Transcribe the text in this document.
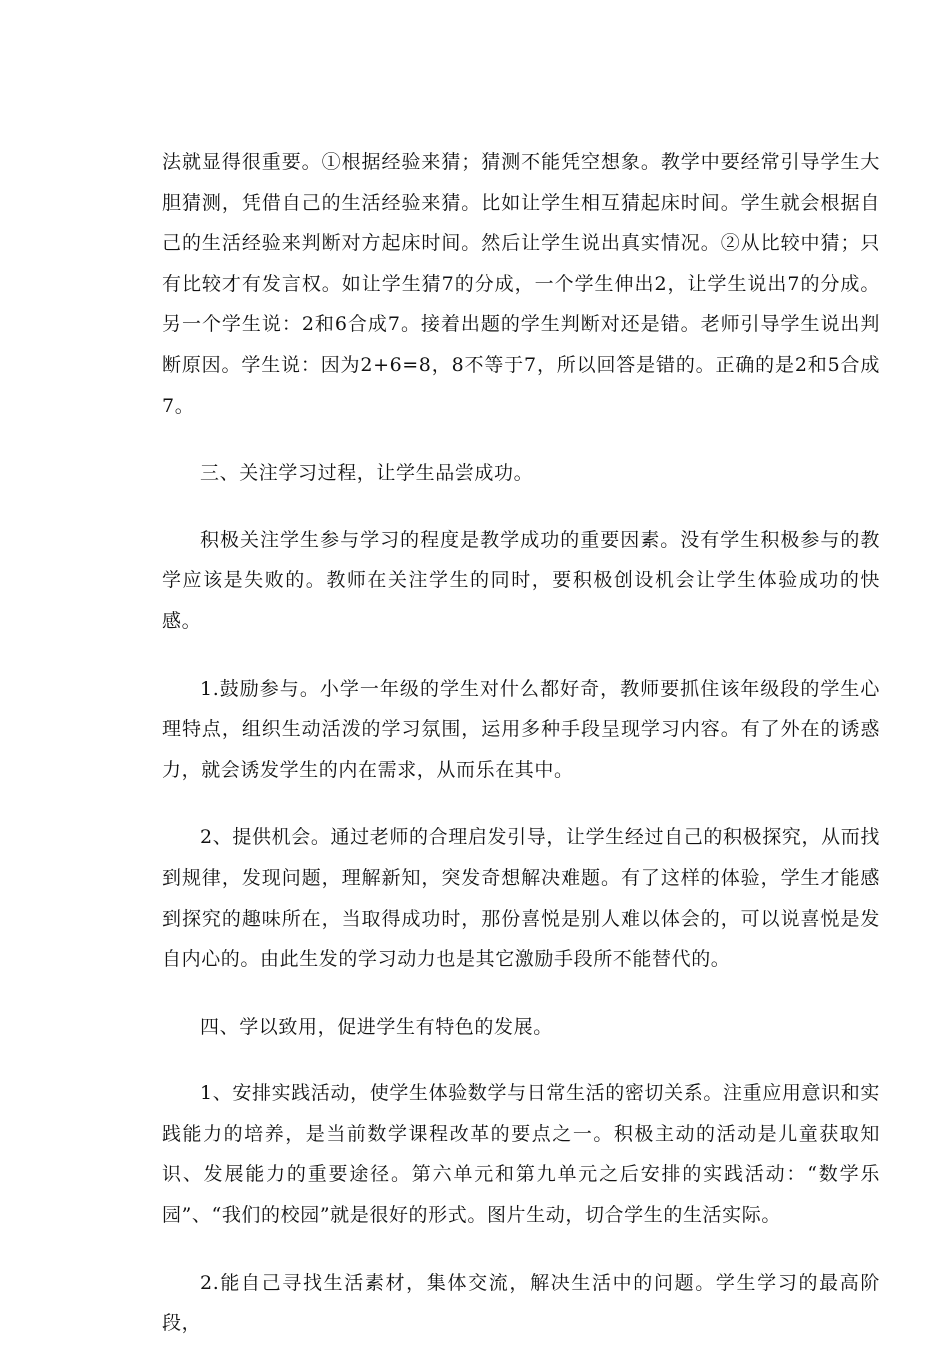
法就显得很重要。①根据经验来猜；猜测不能凭空想象。教学中要经常引导学生大胆猜测，凭借自己的生活经验来猜。比如让学生相互猜起床时间。学生就会根据自己的生活经验来判断对方起床时间。然后让学生说出真实情况。②从比较中猜；只有比较才有发言权。如让学生猜7的分成，一个学生伸出2，让学生说出7的分成。另一个学生说：2和6合成7。接着出题的学生判断对还是错。老师引导学生说出判断原因。学生说：因为2+6=8，8不等于7，所以回答是错的。正确的是2和5合成7。

三、关注学习过程，让学生品尝成功。

积极关注学生参与学习的程度是教学成功的重要因素。没有学生积极参与的教学应该是失败的。教师在关注学生的同时，要积极创设机会让学生体验成功的快感。

1.鼓励参与。小学一年级的学生对什么都好奇，教师要抓住该年级段的学生心理特点，组织生动活泼的学习氛围，运用多种手段呈现学习内容。有了外在的诱惑力，就会诱发学生的内在需求，从而乐在其中。

2、提供机会。通过老师的合理启发引导，让学生经过自己的积极探究，从而找到规律，发现问题，理解新知，突发奇想解决难题。有了这样的体验，学生才能感到探究的趣味所在，当取得成功时，那份喜悦是别人难以体会的，可以说喜悦是发自内心的。由此生发的学习动力也是其它激励手段所不能替代的。

四、学以致用，促进学生有特色的发展。

1、安排实践活动，使学生体验数学与日常生活的密切关系。注重应用意识和实践能力的培养，是当前数学课程改革的要点之一。积极主动的活动是儿童获取知识、发展能力的重要途径。第六单元和第九单元之后安排的实践活动：“数学乐园”、“我们的校园”就是很好的形式。图片生动，切合学生的生活实际。

2.能自己寻找生活素材，集体交流，解决生活中的问题。学生学习的最高阶段，
